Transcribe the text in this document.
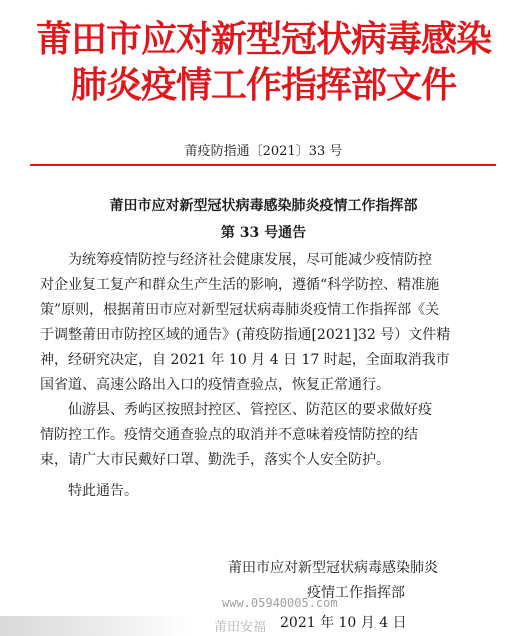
莆田市应对新型冠状病毒感染
肺炎疫情工作指挥部文件
莆疫防指通〔2021〕33 号
莆田市应对新型冠状病毒感染肺炎疫情工作指挥部
第 33 号通告
　　为统筹疫情防控与经济社会健康发展，尽可能减少疫情防控
对企业复工复产和群众生产生活的影响，遵循“科学防控、精准施
策”原则，根据莆田市应对新型冠状病毒肺炎疫情工作指挥部《关
于调整莆田市防控区域的通告》(莆疫防指通[2021]32 号）文件精
神，经研究决定，自 2021 年 10 月 4 日 17 时起，全面取消我市
国省道、高速公路出入口的疫情查验点，恢复正常通行。
　　仙游县、秀屿区按照封控区、管控区、防范区的要求做好疫
情防控工作。疫情交通查验点的取消并不意味着疫情防控的结
束，请广大市民戴好口罩、勤洗手，落实个人安全防护。
　　特此通告。
莆田市应对新型冠状病毒感染肺炎
疫情工作指挥部
www.05940005.com
莆田安福 2021 年 10 月 4 日
